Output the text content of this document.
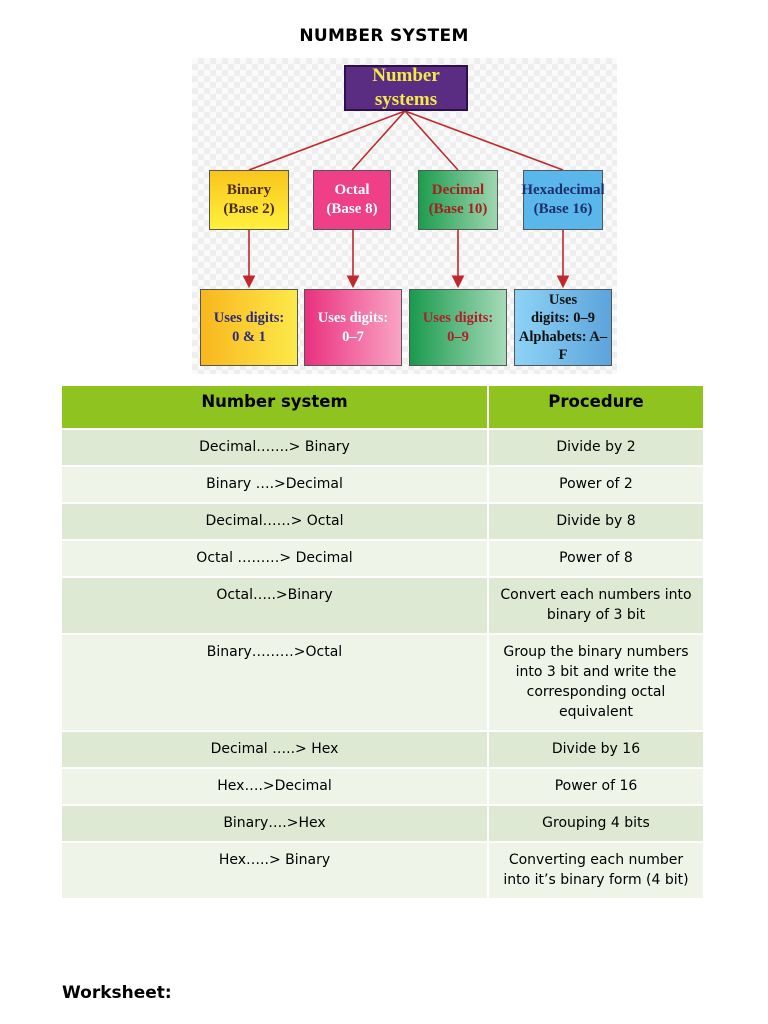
NUMBER SYSTEM
Number systems
Binary
(Base 2)
Octal
(Base 8)
Decimal
(Base 10)
Hexadecimal
(Base 16)
Uses digits:
0 & 1
Uses digits:
0–7
Uses digits:
0–9
Uses
digits: 0–9
Alphabets: A–F
Number system	Procedure
Decimal…….> Binary	Divide by 2
Binary ….>Decimal	Power of 2
Decimal……> Octal	Divide by 8
Octal ………> Decimal	Power of 8
Octal…..>Binary	Convert each numbers into binary of 3 bit
Binary………>Octal	Group the binary numbers into 3 bit and write the corresponding octal equivalent
Decimal …..> Hex	Divide by 16
Hex….>Decimal	Power of 16
Binary….>Hex	Grouping 4 bits
Hex…..> Binary	Converting each number into it’s binary form (4 bit)
Worksheet:
